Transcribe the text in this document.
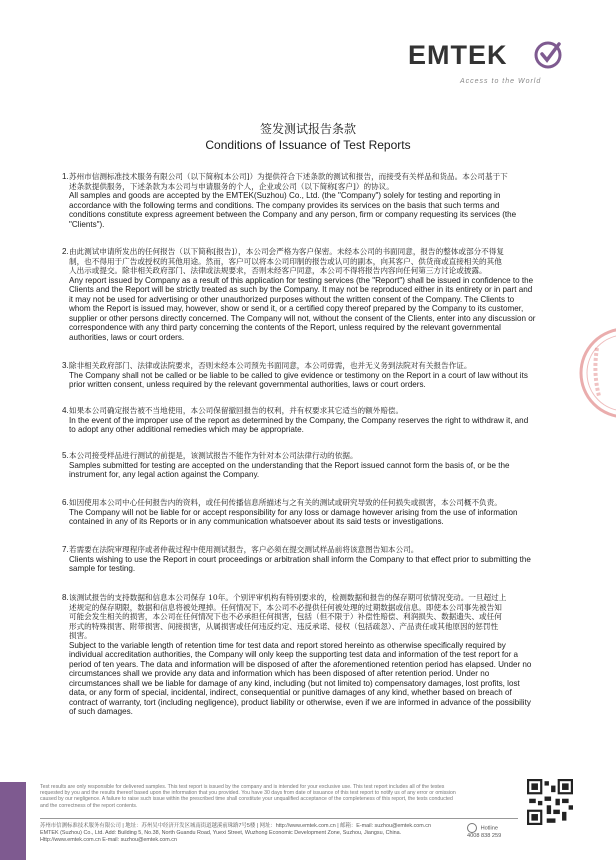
EMTEK
Access to the World
签发测试报告条款
Conditions of Issuance of Test Reports
1. 苏州市信测标准技术服务有限公司（以下简称[本公司]）为提供符合下述条款的测试和报告，而接受有关样品和货品。本公司基于下
述条款提供服务，下述条款为本公司与申请服务的个人，企业或公司（以下简称[客户]）的协议。
All samples and goods are accepted by the EMTEK(Suzhou) Co., Ltd. (the "Company") solely for testing and reporting in
accordance with the following terms and conditions. The company provides its services on the basis that such terms and
conditions constitute express agreement between the Company and any person, firm or company requesting its services (the
"Clients").
2. 由此测试申请所发出的任何报告（以下简称[报告]），本公司会严格为客户保密。未经本公司的书面同意，报告的整体或部分不得复
制，也不得用于广告或授权的其他用途。然而，客户可以将本公司印制的报告或认可的副本，向其客户、供货商或直接相关的其他
人出示或提交。除非相关政府部门、法律或法规要求，否则未经客户同意，本公司不得将报告内容向任何第三方讨论或披露。
Any report issued by Company as a result of this application for testing services (the "Report") shall be issued in confidence to the
Clients and the Report will be strictly treated as such by the Company. It may not be reproduced either in its entirety or in part and
it may not be used for advertising or other unauthorized purposes without the written consent of the Company. The Clients to
whom the Report is issued may, however, show or send it, or a certified copy thereof prepared by the Company to its customer,
supplier or other persons directly concerned. The Company will not, without the consent of the Clients, enter into any discussion or
correspondence with any third party concerning the contents of the Report, unless required by the relevant governmental
authorities, laws or court orders.
3. 除非相关政府部门、法律或法院要求，否则未经本公司预先书面同意，本公司毋需，也并无义务到法院对有关报告作证。
The Company shall not be called or be liable to be called to give evidence or testimony on the Report in a court of law without its
prior written consent, unless required by the relevant governmental authorities, laws or court orders.
4. 如果本公司确定报告被不当地使用，本公司保留撤回报告的权利，并有权要求其它适当的额外赔偿。
In the event of the improper use of the report as determined by the Company, the Company reserves the right to withdraw it, and
to adopt any other additional remedies which may be appropriate.
5. 本公司接受样品进行测试的前提是，该测试报告不能作为针对本公司法律行动的依据。
Samples submitted for testing are accepted on the understanding that the Report issued cannot form the basis of, or be the
instrument for, any legal action against the Company.
6. 如因使用本公司中心任何报告内的资料，或任何传播信息所描述与之有关的测试或研究导致的任何损失或损害，本公司概不负责。
The Company will not be liable for or accept responsibility for any loss or damage however arising from the use of information
contained in any of its Reports or in any communication whatsoever about its said tests or investigations.
7. 若需要在法院审理程序或者仲裁过程中使用测试报告，客户必须在提交测试样品前将该意图告知本公司。
Clients wishing to use the Report in court proceedings or arbitration shall inform the Company to that effect prior to submitting the
sample for testing.
8. 该测试报告的支持数据和信息本公司保存 10年。个别评审机构有特别要求的，检测数据和报告的保存期可依情况变动。一旦超过上
述规定的保存期限，数据和信息将被处理掉。任何情况下，本公司不必提供任何被处理的过期数据或信息。即使本公司事先被告知
可能会发生相关的损害，本公司在任何情况下也不必承担任何损害，包括（但不限于）补偿性赔偿、利润损失、数据遗失、或任何
形式的特殊损害、附带损害、间接损害，从属损害或任何违反约定、违反承诺、侵权（包括疏忽）、产品责任或其他原因的惩罚性
损害。
Subject to the variable length of retention time for test data and report stored hereinto as otherwise specifically required by
individual accreditation authorities, the Company will only keep the supporting test data and information of the test report for a
period of ten years. The data and information will be disposed of after the aforementioned retention period has elapsed. Under no
circumstances shall we provide any data and information which has been disposed of after retention period. Under no
circumstances shall we be liable for damage of any kind, including (but not limited to) compensatory damages, lost profits, lost
data, or any form of special, incidental, indirect, consequential or punitive damages of any kind, whether based on breach of
contract of warranty, tort (including negligence), product liability or otherwise, even if we are informed in advance of the possibility
of such damages.
Test results are only responsible for delivered samples. This test report is issued by the company and is intended for your exclusive use. This test report includes all of the testes
requested by you and the results thereof based upon the information that you provided. You have 30 days from date of issuance of this test report to notify us of any error or omission
caused by our negligence. A failure to raise such issue within the prescribed time shall constitute your unqualified acceptance of the completeness of this report, the tests conducted
and the correctness of the report contents.
苏州市信测标准技术服务有限公司 | 地址：苏州吴中经济开发区城南街道越溪前珠路7号5楼 | 网址：http://www.emtek.com.cn | 邮箱：E-mail: suzhou@emtek.com.cn
EMTEK (Suzhou) Co., Ltd. Add: Building 5, No.38, North Guandu Road, Yuexi Street, Wuzhong Economic Development Zone, Suzhou, Jiangsu, China.
Http://www.emtek.com.cn E-mail: suzhou@emtek.com.cn
Hotline
4008 838 259
